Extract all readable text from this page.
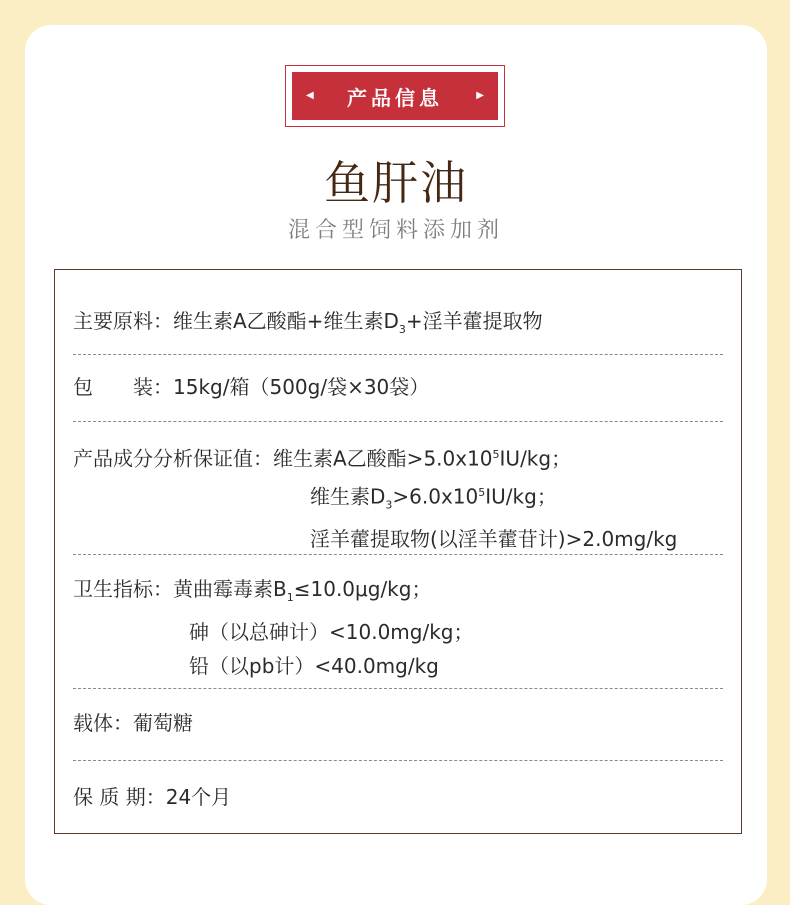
◀ 产品信息	▶
鱼肝油
混合型饲料添加剂
主要原料：维生素A乙酸酯+维生素$D_3+$淫羊藿提取物
包　　装：15kg/箱（500g/袋×30袋）
产品成分分析保证值：维生素A乙酸酯$>5.0x10^5IU/kg$；
维生素$D_3>6.0x10^5IU/kg$；
淫羊藿提取物(以淫羊藿苷计)>2.0mg/kg
卫生指标：黄曲霉毒素$B_1\le 10.0\mu g/kg$；
砷（以总砷计）<10.0mg/kg；
铅（以pb计）<40.0mg/kg
载体：葡萄糖
保 质 期：24个月
